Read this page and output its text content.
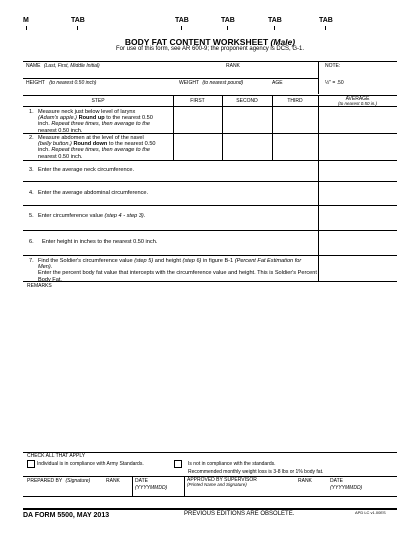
M	TAB	TAB	TAB	TAB	TAB
BODY FAT CONTENT WORKSHEET (Male)
For use of this form, see AR 600-9; the proponent agency is DCS, G-1.
NAME (Last, First, Middle Initial)	RANK	NOTE:
HEIGHT (to nearest 0.50 inch)	WEIGHT (to nearest pound)	AGE	½" = .50
STEP	FIRST	SECOND	THIRD	AVERAGE
(to nearest 0.50 in.)
1. Measure neck just below level of larynx
(Adam's apple.) Round up to the nearest 0.50
inch. Repeat three times, then average to the
nearest 0.50 inch.
2. Measure abdomen at the level of the navel
(belly button.) Round down to the nearest 0.50
inch. Repeat three times, then average to the
nearest 0.50 inch.
3. Enter the average neck circumference.
4. Enter the average abdominal circumference.
5. Enter circumference value (step 4 - step 3).
6. Enter height in inches to the nearest 0.50 inch.
7. Find the Soldier's circumference value (step 5) and height (step 6) in figure B-1 (Percent Fat Estimation for Men).
Enter the percent body fat value that intercepts with the circumference value and height. This is Soldier's Percent
Body Fat.
REMARKS
CHECK ALL THAT APPLY
Individual is in compliance with Army Standards.	Is not in compliance with the standards.
Recommended monthly weight loss is 3-8 lbs or 1% body fat.
PREPARED BY (Signature)	RANK	DATE
(YYYYMMDD)
APPROVED BY SUPERVISOR
(Printed Name and Signature)
RANK	DATE
(YYYYMMDD)
DA FORM 5500, MAY 2013	PREVIOUS EDITIONS ARE OBSOLETE.	APD LC v1.00ES
